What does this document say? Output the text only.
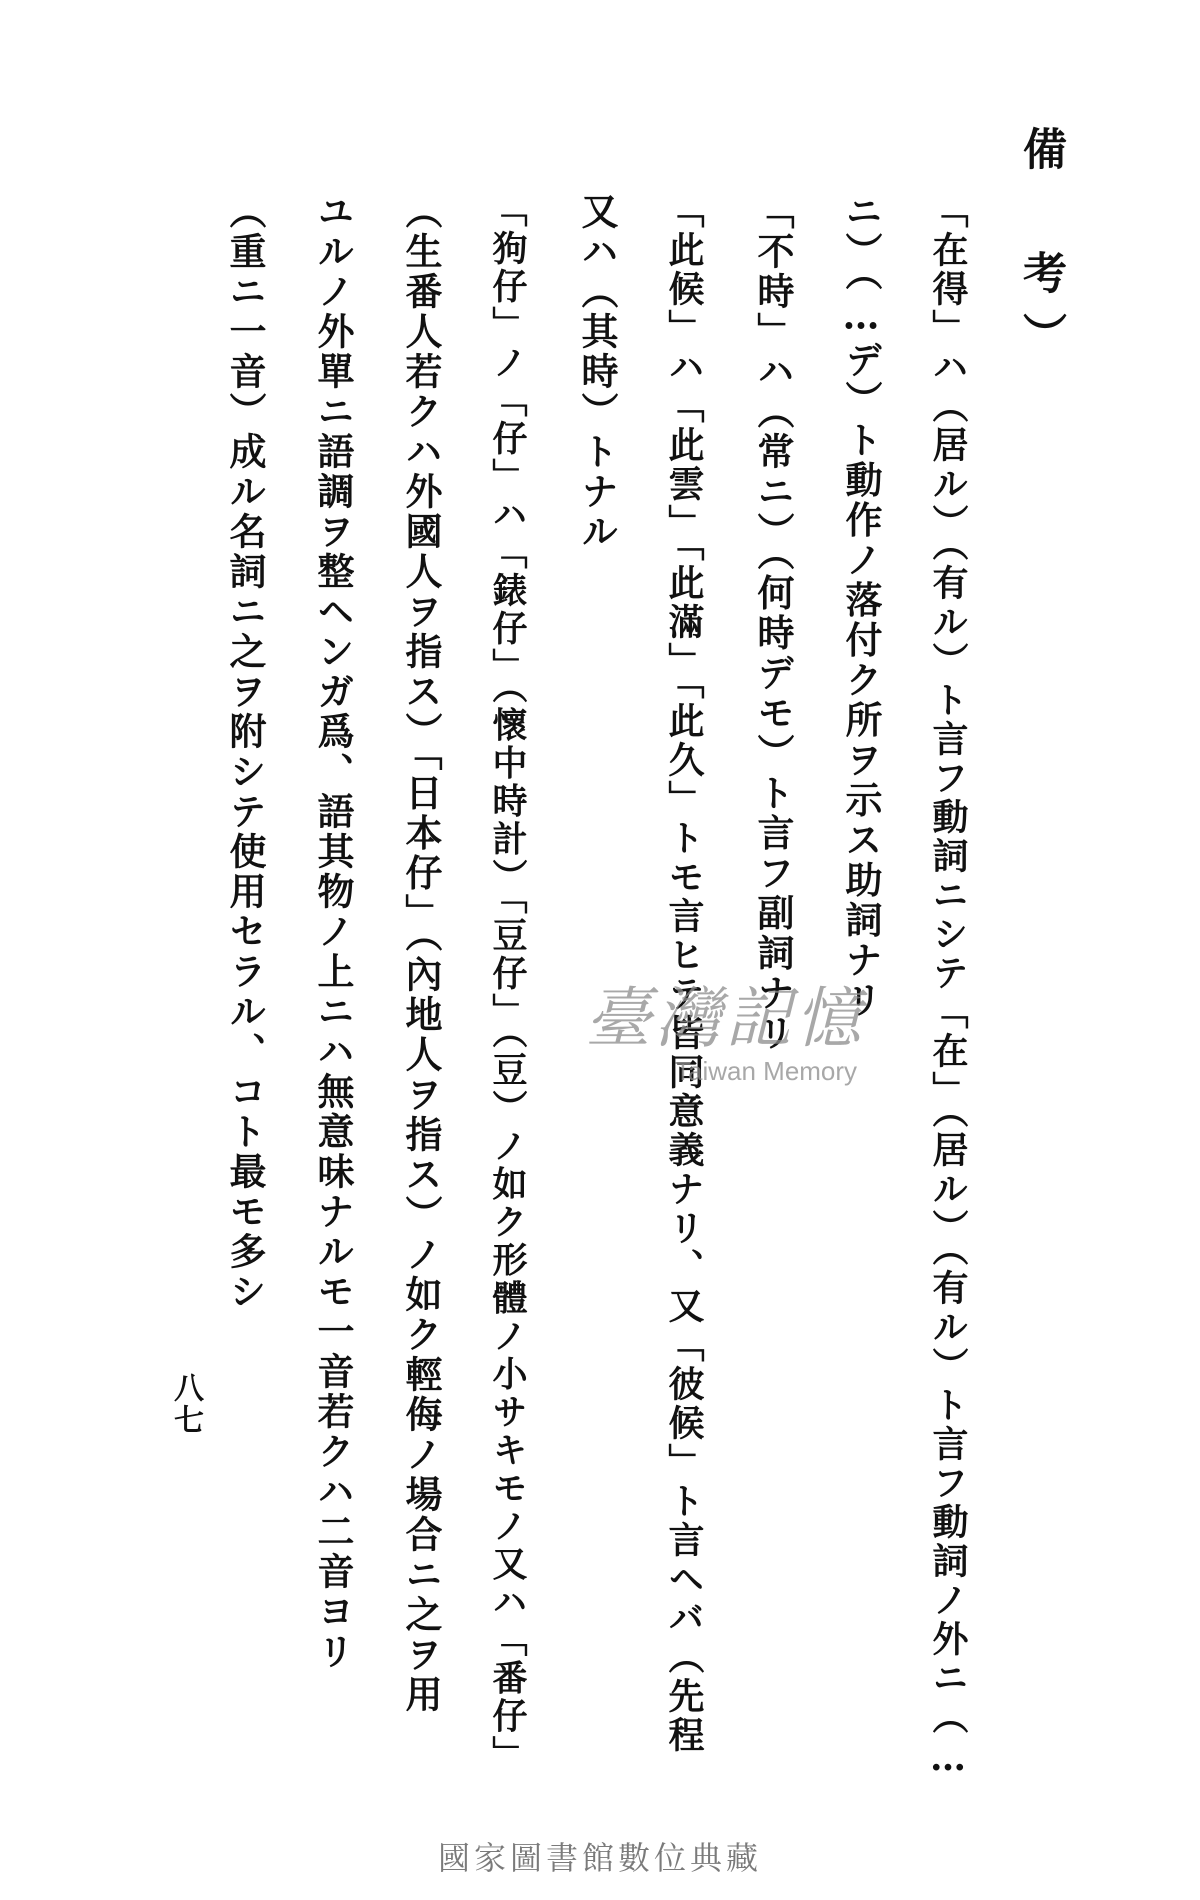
備　考）
「在得」ハ（居ル）（有ル）ト言フ動詞ニシテ「在」（居ル）（有ル）ト言フ動詞ノ外ニ（…
ニ）（…デ）ト動作ノ落付ク所ヲ示ス助詞ナリ
「不時」ハ（常ニ）（何時デモ）ト言フ副詞ナリ
「此候」ハ「此雲」「此滿」「此久」トモ言ヒテ皆同意義ナリ、又「彼候」ト言ヘバ（先程
又ハ（其時）トナル
「狗仔」ノ「仔」ハ「錶仔」（懷中時計）「豆仔」（豆）ノ如ク形體ノ小サキモノ又ハ「番仔」
（生番人若クハ外國人ヲ指ス）「日本仔」（內地人ヲ指ス）ノ如ク輕侮ノ場合ニ之ヲ用
ユルノ外單ニ語調ヲ整ヘンガ爲、語其物ノ上ニハ無意味ナルモ一音若クハ二音ヨリ
（重ニ一音）成ル名詞ニ之ヲ附シテ使用セラル、コト最モ多シ
八七
臺灣記憶
Taiwan Memory
國家圖書館數位典藏
